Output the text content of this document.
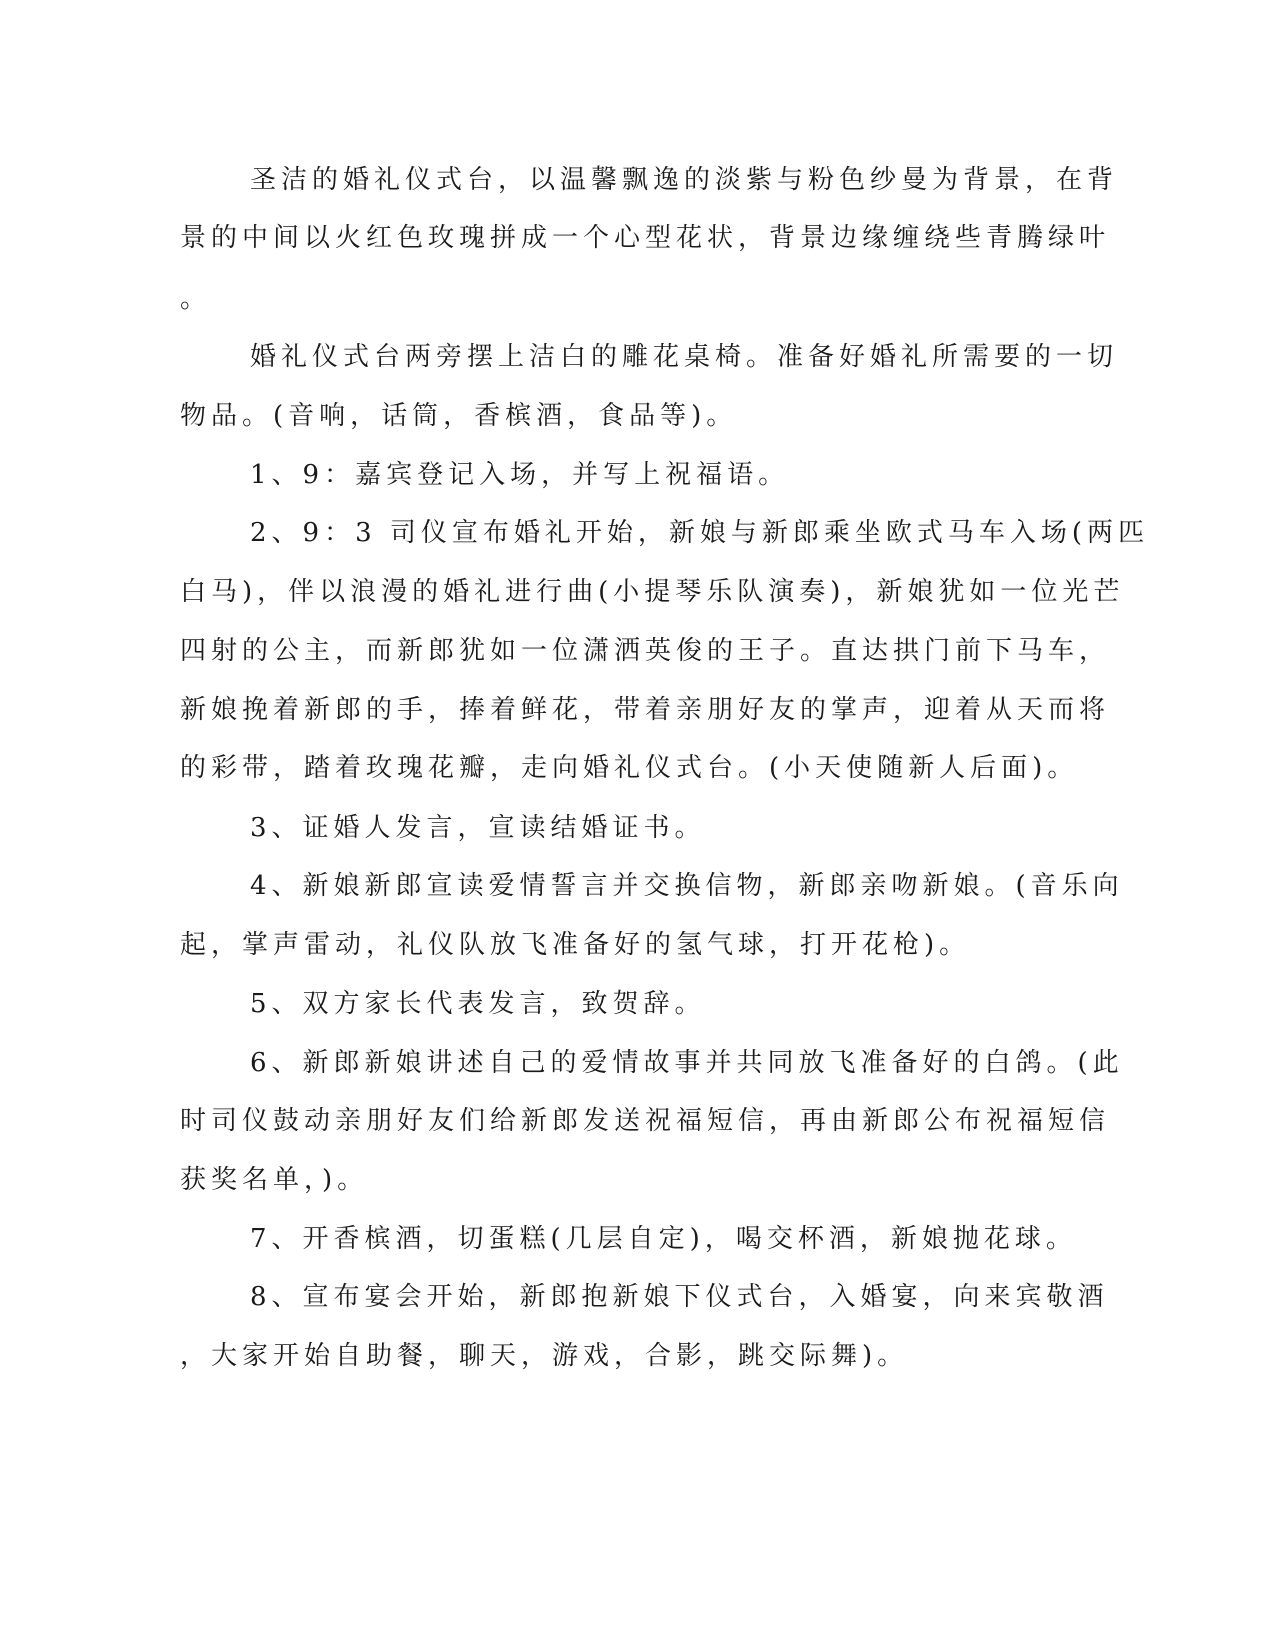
圣洁的婚礼仪式台，以温馨飘逸的淡紫与粉色纱曼为背景，在背
景的中间以火红色玫瑰拼成一个心型花状，背景边缘缠绕些青腾绿叶
。
婚礼仪式台两旁摆上洁白的雕花桌椅。准备好婚礼所需要的一切
物品。(音响，话筒，香槟酒，食品等)。
1、9：嘉宾登记入场，并写上祝福语。
2、9：3 司仪宣布婚礼开始，新娘与新郎乘坐欧式马车入场(两匹
白马)，伴以浪漫的婚礼进行曲(小提琴乐队演奏)，新娘犹如一位光芒
四射的公主，而新郎犹如一位潇洒英俊的王子。直达拱门前下马车，
新娘挽着新郎的手，捧着鲜花，带着亲朋好友的掌声，迎着从天而将
的彩带，踏着玫瑰花瓣，走向婚礼仪式台。(小天使随新人后面)。
3、证婚人发言，宣读结婚证书。
4、新娘新郎宣读爱情誓言并交换信物，新郎亲吻新娘。(音乐向
起，掌声雷动，礼仪队放飞准备好的氢气球，打开花枪)。
5、双方家长代表发言，致贺辞。
6、新郎新娘讲述自己的爱情故事并共同放飞准备好的白鸽。(此
时司仪鼓动亲朋好友们给新郎发送祝福短信，再由新郎公布祝福短信
获奖名单，)。
7、开香槟酒，切蛋糕(几层自定)，喝交杯酒，新娘抛花球。
8、宣布宴会开始，新郎抱新娘下仪式台，入婚宴，向来宾敬酒
，大家开始自助餐，聊天，游戏，合影，跳交际舞)。
